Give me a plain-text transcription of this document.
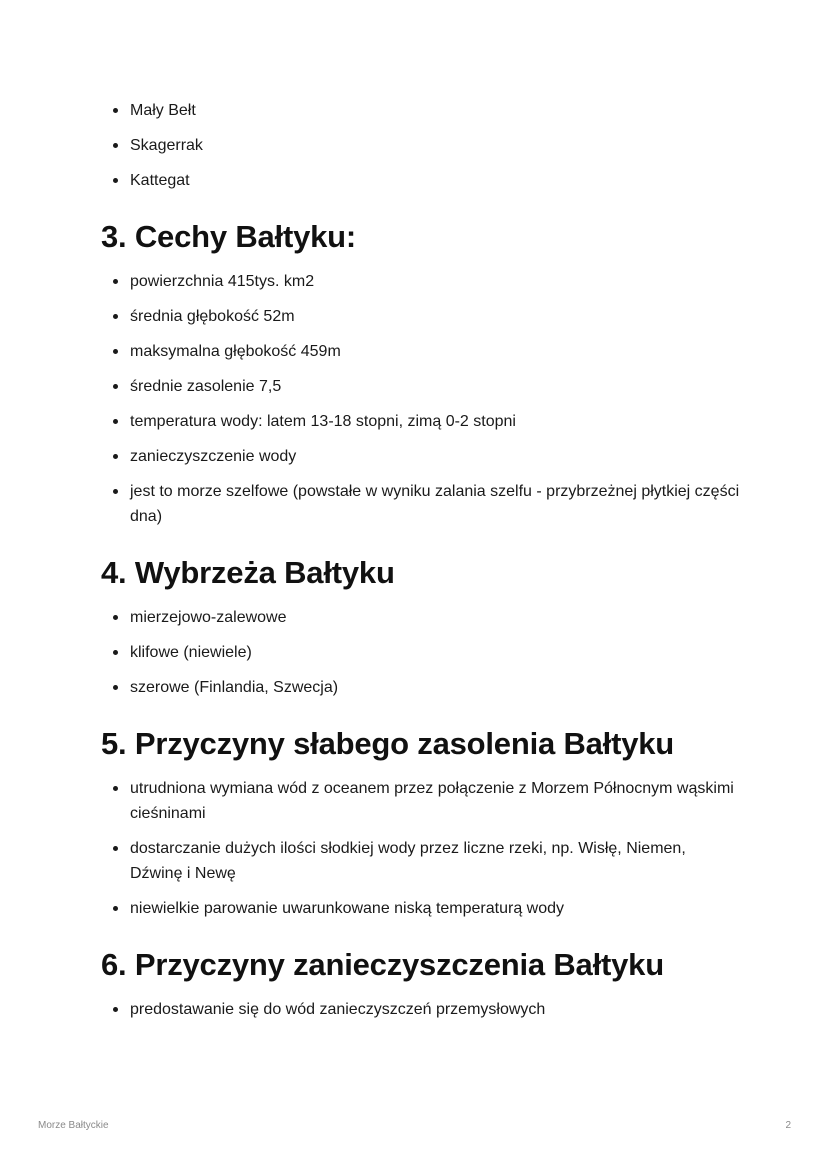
Mały Bełt
Skagerrak
Kattegat
3. Cechy Bałtyku:
powierzchnia 415tys. km2
średnia głębokość 52m
maksymalna głębokość 459m
średnie zasolenie 7,5
temperatura wody: latem 13-18 stopni, zimą 0-2 stopni
zanieczyszczenie wody
jest to morze szelfowe (powstałe w wyniku zalania szelfu - przybrzeżnej płytkiej części dna)
4. Wybrzeża Bałtyku
mierzejowo-zalewowe
klifowe (niewiele)
szerowe (Finlandia, Szwecja)
5. Przyczyny słabego zasolenia Bałtyku
utrudniona wymiana wód z oceanem przez połączenie z Morzem Północnym wąskimi cieśninami
dostarczanie dużych ilości słodkiej wody przez liczne rzeki, np. Wisłę, Niemen, Dźwinę i Newę
niewielkie parowanie uwarunkowane niską temperaturą wody
6. Przyczyny zanieczyszczenia Bałtyku
predostawanie się do wód zanieczyszczeń przemysłowych
Morze Bałtyckie	2
